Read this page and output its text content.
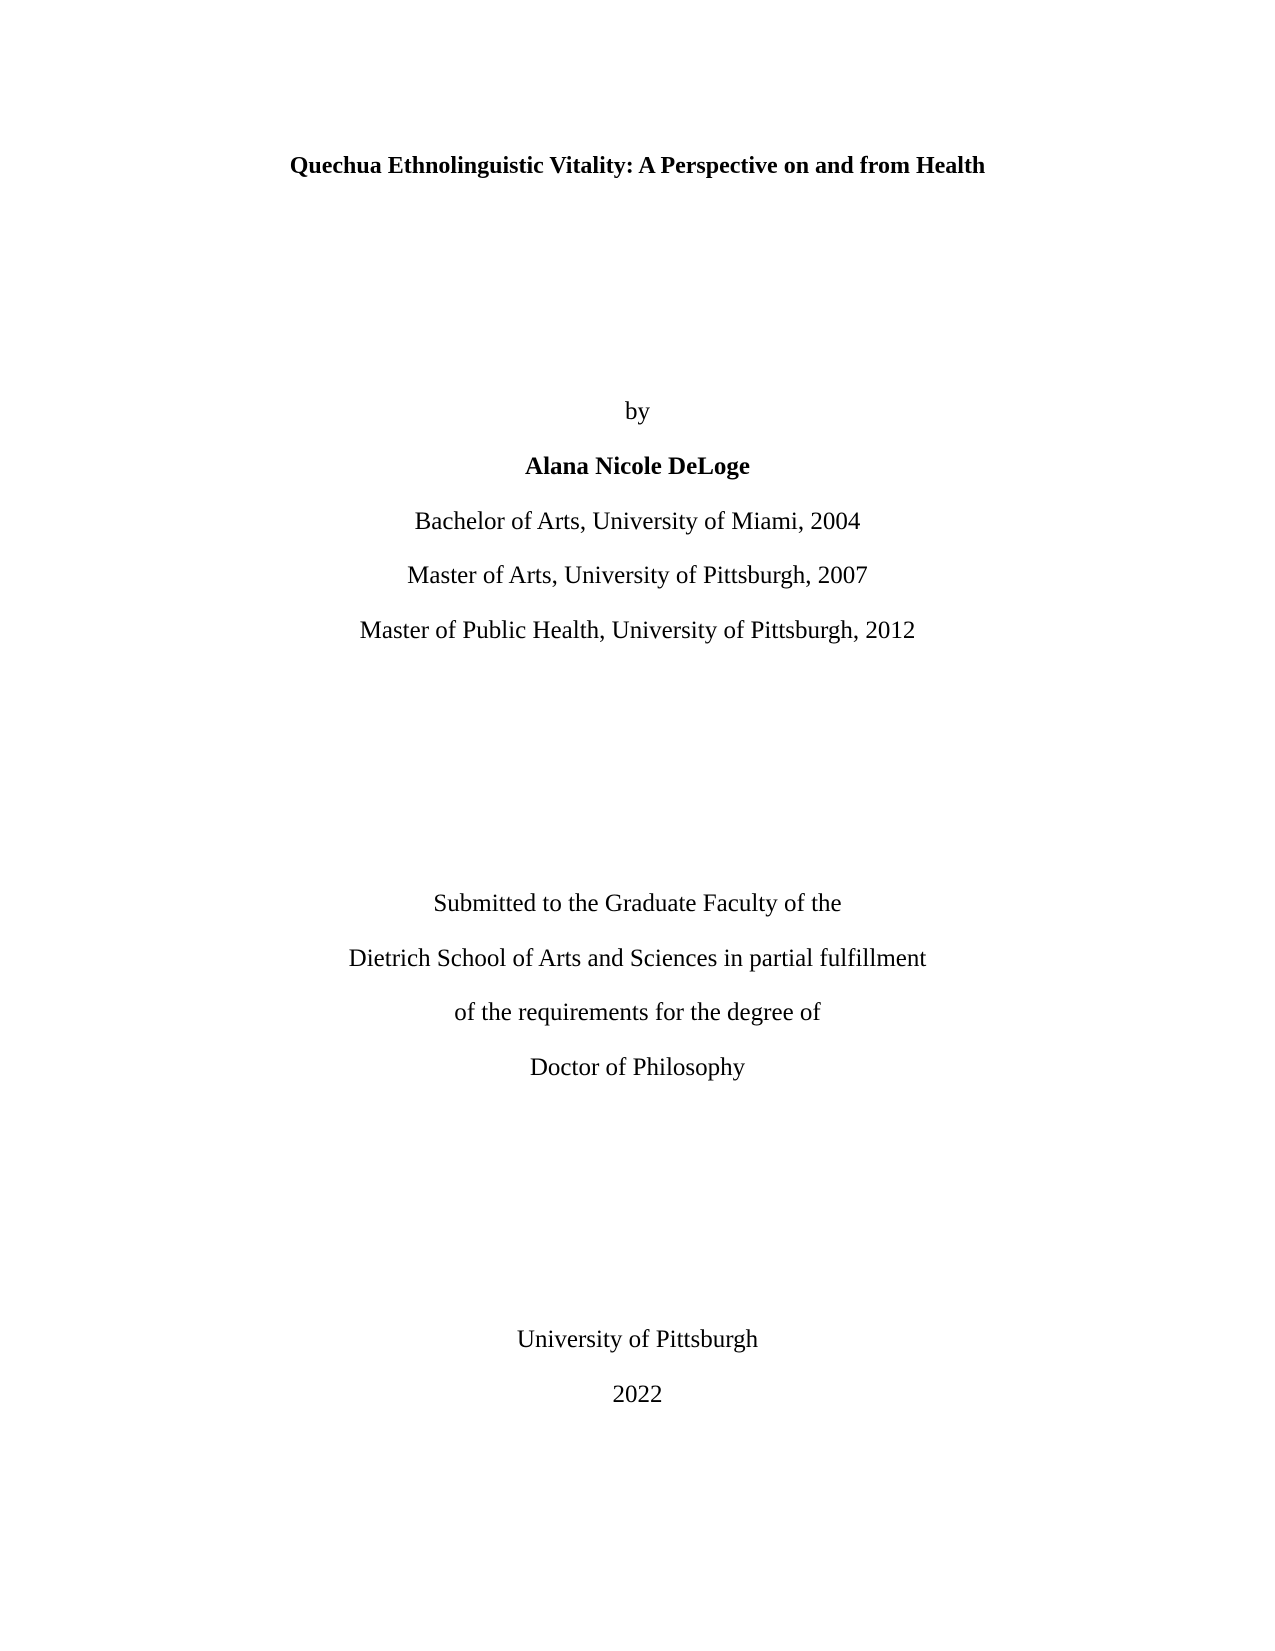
Quechua Ethnolinguistic Vitality: A Perspective on and from Health
by
Alana Nicole DeLoge
Bachelor of Arts, University of Miami, 2004
Master of Arts, University of Pittsburgh, 2007
Master of Public Health, University of Pittsburgh, 2012
Submitted to the Graduate Faculty of the
Dietrich School of Arts and Sciences in partial fulfillment
of the requirements for the degree of
Doctor of Philosophy
University of Pittsburgh
2022
